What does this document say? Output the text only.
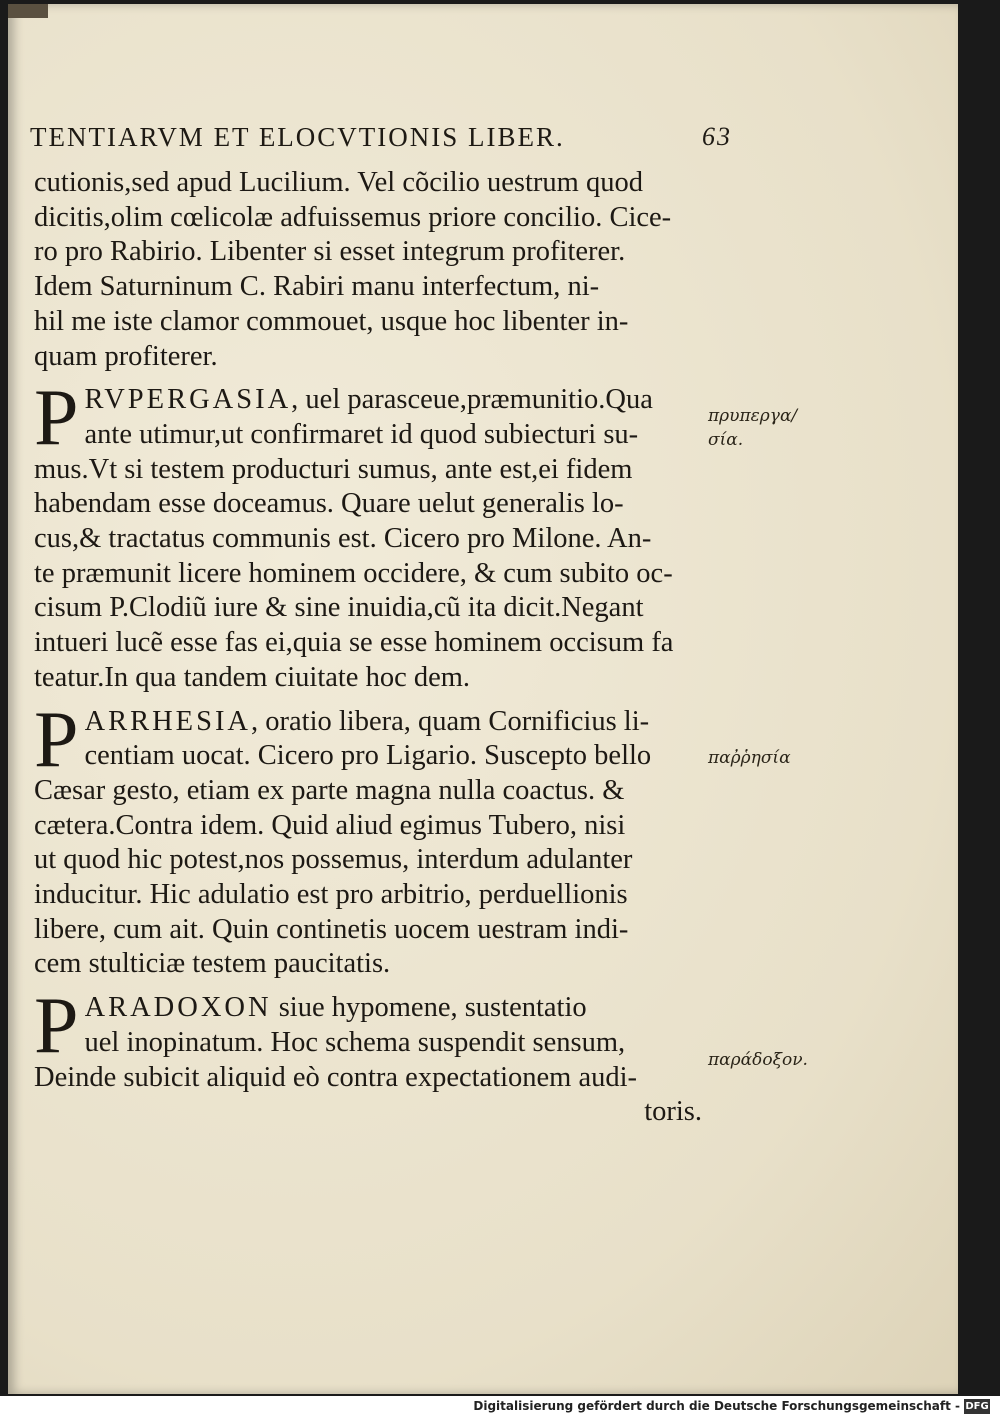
TENTIARVM ET ELOCVTIONIS LIBER.	63
cutionis,sed apud Lucilium. Vel cõcilio uestrum quod
dicitis,olim cœlicolæ adfuissemus priore concilio. Cice-
ro pro Rabirio. Libenter si esset integrum profiterer.
Idem Saturninum C. Rabiri manu interfectum, ni-
hil me iste clamor commouet, usque hoc libenter in-
quam profiterer.
P RVPERGASIA, uel parasceue,præmunitio.Qua
ante utimur,ut confirmaret id quod subiecturi su-
mus.Vt si testem producturi sumus, ante est,ei fidem
habendam esse doceamus. Quare uelut generalis lo-
cus,& tractatus communis est. Cicero pro Milone. An-
te præmunit licere hominem occidere, & cum subito oc-
cisum P.Clodiũ iure & sine inuidia,cũ ita dicit.Negant
intueri lucẽ esse fas ei,quia se esse hominem occisum fa
teatur.In qua tandem ciuitate hoc dem.
P ARRHESIA, oratio libera, quam Cornificius li-
centiam uocat. Cicero pro Ligario. Suscepto bello
Cæsar gesto, etiam ex parte magna nulla coactus. &
cætera.Contra idem. Quid aliud egimus Tubero, nisi
ut quod hic potest,nos possemus, interdum adulanter
inducitur. Hic adulatio est pro arbitrio, perduellionis
libere, cum ait. Quin continetis uocem uestram indi-
cem stulticiæ testem paucitatis.
P ARADOXON siue hypomene, sustentatio
uel inopinatum. Hoc schema suspendit sensum,
Deinde subicit aliquid eò contra expectationem audi-
toris.
πρυπεργα/
σία.
παῤῥησία
παράδοξον.
Digitalisierung gefördert durch die Deutsche Forschungsgemeinschaft - DFG
